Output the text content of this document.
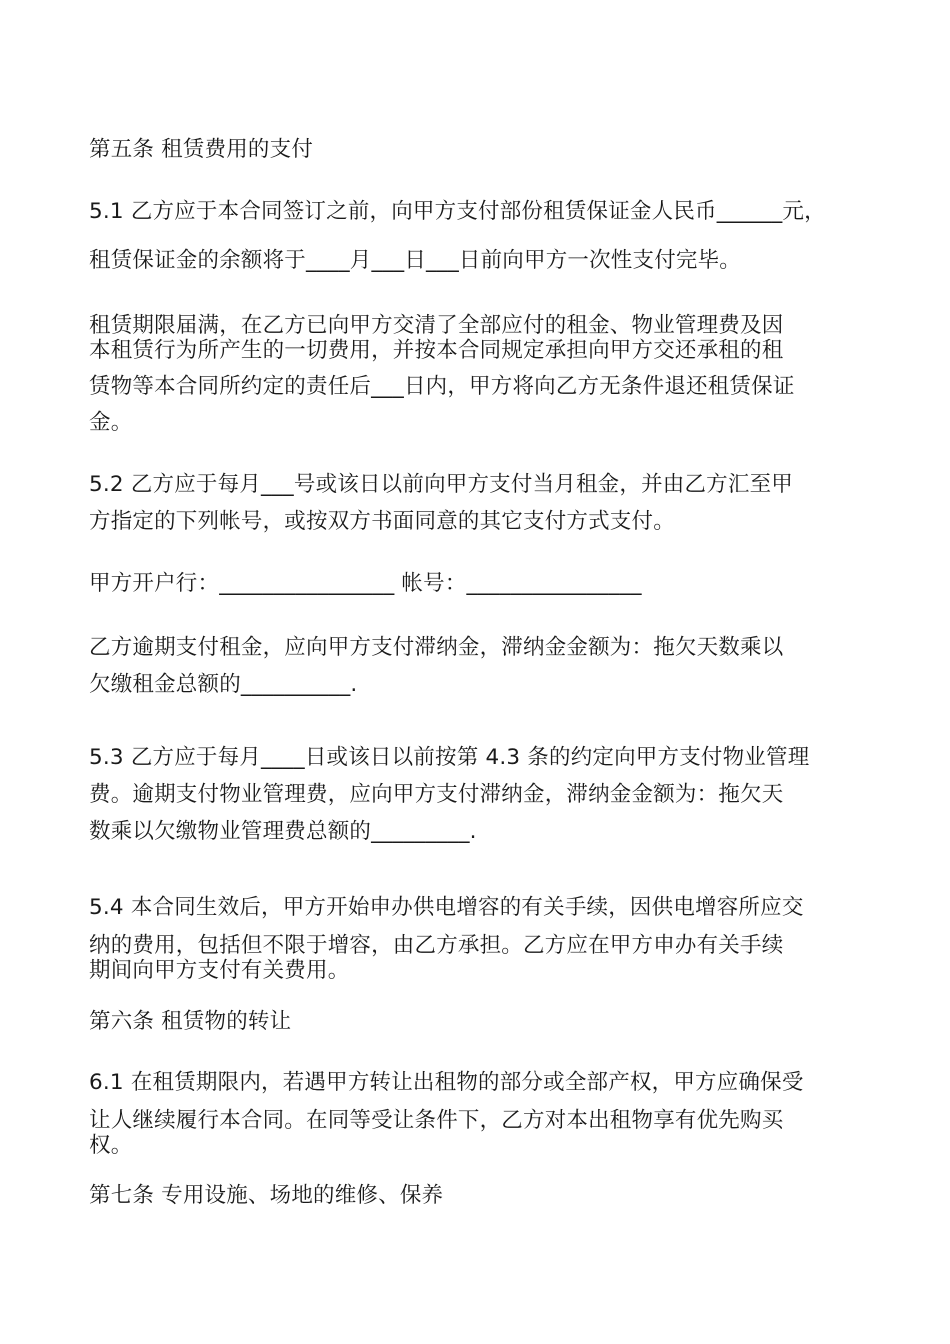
第五条 租赁费用的支付

5.1 乙方应于本合同签订之前，向甲方支付部份租赁保证金人民币______元，

租赁保证金的余额将于____月___日___日前向甲方一次性支付完毕。

租赁期限届满，在乙方已向甲方交清了全部应付的租金、物业管理费及因

本租赁行为所产生的一切费用，并按本合同规定承担向甲方交还承租的租

赁物等本合同所约定的责任后___日内，甲方将向乙方无条件退还租赁保证

金。

5.2 乙方应于每月___号或该日以前向甲方支付当月租金，并由乙方汇至甲

方指定的下列帐号，或按双方书面同意的其它支付方式支付。

甲方开户行：________________ 帐号：________________

乙方逾期支付租金，应向甲方支付滞纳金，滞纳金金额为：拖欠天数乘以

欠缴租金总额的__________.

5.3 乙方应于每月____日或该日以前按第 4.3 条的约定向甲方支付物业管理

费。逾期支付物业管理费，应向甲方支付滞纳金，滞纳金金额为：拖欠天

数乘以欠缴物业管理费总额的_________.

5.4 本合同生效后，甲方开始申办供电增容的有关手续，因供电增容所应交

纳的费用，包括但不限于增容，由乙方承担。乙方应在甲方申办有关手续

期间向甲方支付有关费用。

第六条 租赁物的转让

6.1 在租赁期限内，若遇甲方转让出租物的部分或全部产权，甲方应确保受

让人继续履行本合同。在同等受让条件下，乙方对本出租物享有优先购买

权。

第七条 专用设施、场地的维修、保养
